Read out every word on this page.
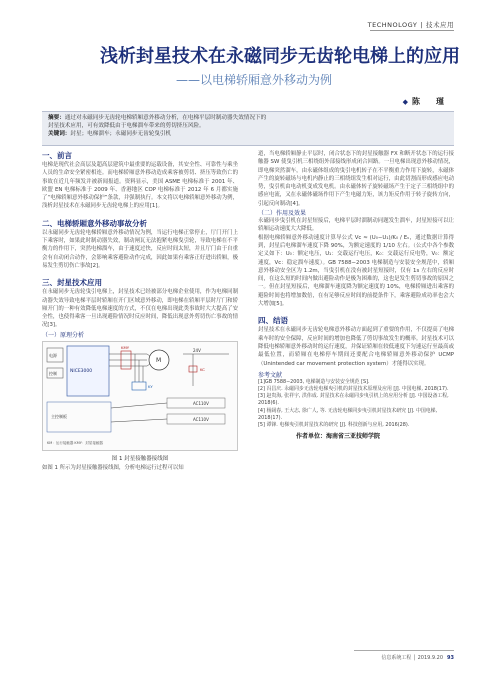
TECHNOLOGY | 技术应用
浅析封星技术在永磁同步无齿轮电梯上的应用
——以电梯轿厢意外移动为例
◆ 陈　瑾

摘要：通过对永磁同步无齿轮电梯轿厢意外移动分析，在电梯平层时制动器失效情况下的

封星技术应用，可有效降低由于电梯溜车带来的剪切挤压风险。

关键词：封星；电梯溜车；永磁同步无齿轮曳引机

一、前言

电梯是现代社会高层及超高层建筑中最重要的运载设备，其安全性、可靠性与乘坐人员的生命安全紧密相连。而电梯轿厢意外移动造成乘客被剪切、挤压等致伤亡的事故在近几年频发并被新闻报道。资料显示，美国 ASME 电梯标准于 2001 年、欧盟 EN 电梯标准于 2009 年、香港地区 COP 电梯标准于 2012 年 6 月都实施了“电梯轿厢意外移动保护”条款，并强制执行。本文将以电梯轿厢意外移动为例，浅析封星技术在永磁同步无齿轮电梯上的应用[1]。

二、电梯轿厢意外移动事故分析

以永磁同步无齿轮电梯轿厢意外移动情况为例，当运行电梯正常停止，厅门开门上下乘客时，如果此时制动器失效，制动闸瓦无法抱紧电梯曳引轮，导致电梯在不平衡力的作用下，突然电梯溜车，由于速度过快，反应时间太短，并且厅门由于自重会有自动闭合动作，会影响乘客避险动作完成，因此如果有乘客正好进出轿厢，极易发生剪切伤亡事故[2]。

三、封星技术应用

在永磁同步无齿轮曳引电梯上，封星技术已经被部分电梯企业使用，作为电梯同制动器失效导致电梯平层时轿厢在开门区域意外移动，即电梯在轿厢平层时厅门和轿厢开门的一种有效降低电梯速度的方式，不仅在电梯出现此类事故时大大提高了安全性，也使得乘客一旦出现避险情况时反应时间，降低出现意外剪切伤亡事故的情况[3]。

（一）原理分析

电源
控制	NICE3000
KMY
M
KY
24V
KC
AC110V
AC110V
主控制板
KM：运行接触器 KMY：封星接触器

图 1 封星接触器接线图

如图 1 所示为封星接触器接线图，分析电梯运行过程可以知

道，当电梯轿厢静止平层时，闭合状态下的封星接触器 FX 和断开状态下的运行接触器 SW 使曳引机三相绕组外部接线形成闭合回路。一旦电梯出现意外移动情况，即电梯突然溜车，由永磁体组成的曳引电机转子在不平衡重力作用下旋转，永磁体产生的旋转磁场与电机内静止的三相绕组发生相对运行，由此切割而形成感应电动势，曳引机由电动机变成发电机。由永磁体转子旋转磁场产生于定子三相绕组中的感应电流，又在永磁体磁场作用下产生电磁力矩，该力矩反作用于转子旋转方向，引起反向制动[4]。

（二）作用及效果

永磁同步曳引机在封星短接后，电梯平层时溜制动同题发生溜车，封星短接可以让轿厢运动速度大大降低。

根据电梯轿厢意外移动速度计算导公式 Vc ≈ (U₀−U₁)/K₀ / Eᵥ，通过数据计算得到，封星后电梯溜车速度下降 90%，为额定速度的 1/10 左右。（公式中各个参数定义如下：U₀：额定电压，U₁：交载运行电压，K₀：交载运行反电势，V₀：额定速度，Vc：稳定溜车速度）。GB 7588−2003 电梯制造与安装安全规范中，轿厢意外移动安全区为 1.2m，当曳引机在没有被封星短接时，仅有 1s 左右的反应时间，在这么短的时间内做出避险动作是极为困难的，这也是发生剪切事故的原因之一。但在封星短接后，电梯溜车速度降为额定速度的 10%，电梯轿厢进出乘客的避险时间也将增加数倍，在有足够反应时间的前提条件下，乘客避险成功率也会大大增加[5]。

四、结语

封星技术在永磁同步无齿轮电梯意外移动方面起到了重要的作用，不仅提高了电梯乘车时的安全保障，反应时间的增加也降低了剪切事故发生的概率。封星技术可以降低电梯轿厢意外移动时的运行速度，并保证轿厢在较低速度下匀速运行至最高或最低位置，而轿厢在电梯停车期间还要配合电梯轿厢意外移动保护 UCMP（Unintended car movement protection system）才能得以实现。

参考文献

[1]GB 7588−2003, 电梯制造与安装安全规范 [S].

[2] 冯昌庆. 永磁同步无齿轮电梯曳引机的封星技术原理及应用 [J]. 中国电梯, 2018(17).

[3] 赵贵海, 张祥宇, 洪伟成. 封星技术在永磁同步曳引机上的应用分析 [J]. 中国设备工程, 2018(6).

[4] 杨阔春, 王大志, 徐广人, 等. 无齿轮电梯同步曳引机封星技术研究 [J]. 中国电梯, 2018(17).

[5] 谭锋. 电梯曳引机封星技术的研究 [J]. 科技创新与应用, 2016(28).

作者单位：海南省三亚技师学院

信息系统工程 │ 2019.9.20 93
